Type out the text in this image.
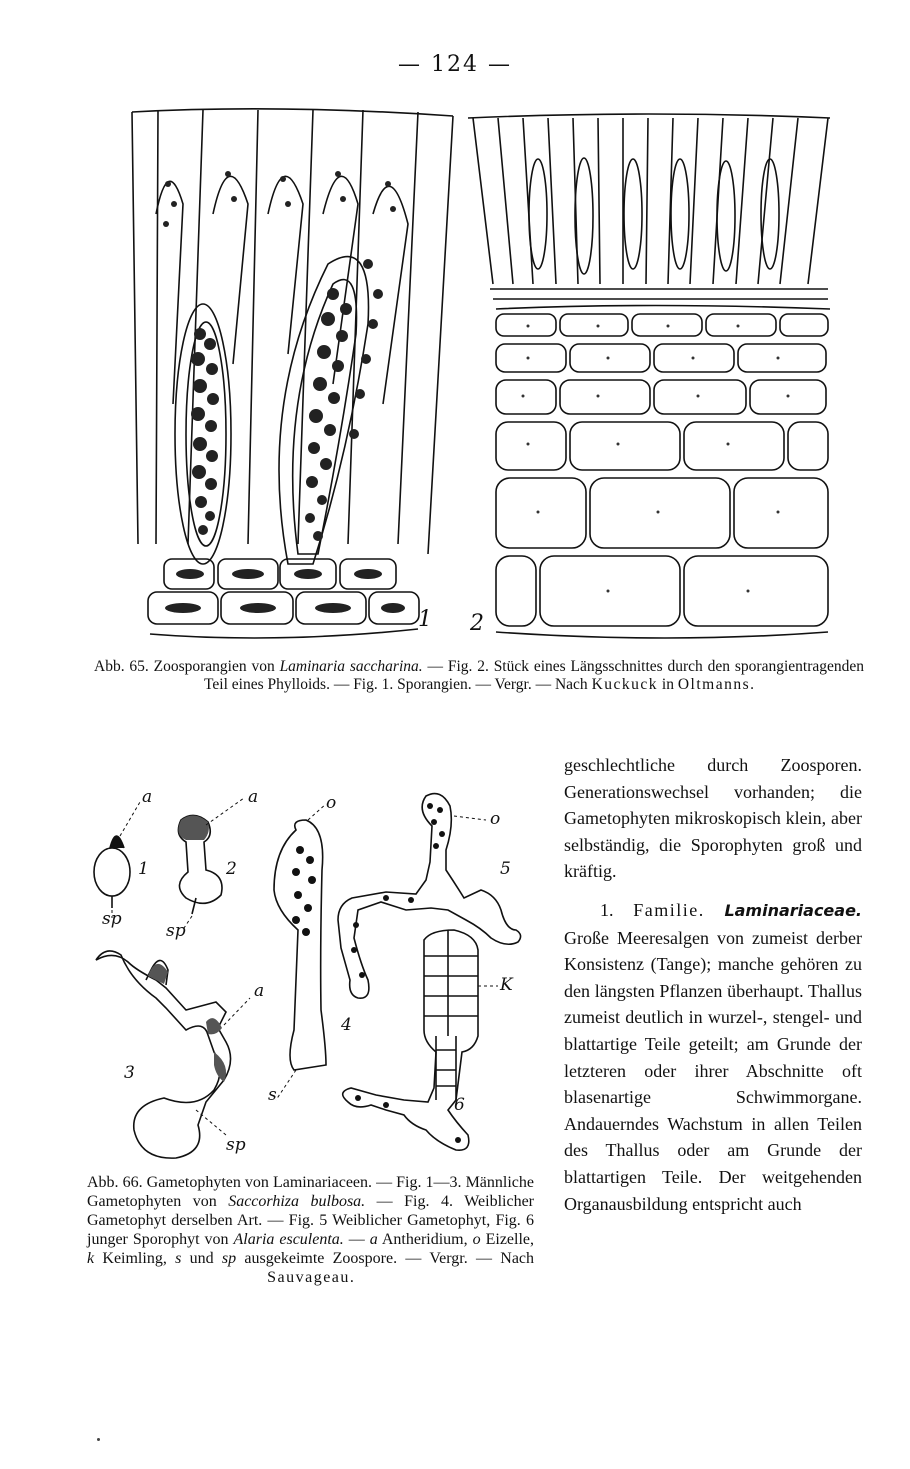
— 124 —
1 2
Abb. 65. Zoosporangien von Laminaria saccharina. — Fig. 2. Stück eines Längsschnittes durch den sporangientragenden Teil eines Phylloids. — Fig. 1. Sporangien. — Vergr. — Nach Kuckuck in Oltmanns.
a
1
sp
a
2
sp
a
3
sp
o
4
s
o
5
K
6
Abb. 66. Gametophyten von Laminariaceen. — Fig. 1—3. Männliche Gametophyten von Saccorhiza bulbosa. — Fig. 4. Weiblicher Gametophyt derselben Art. — Fig. 5 Weiblicher Gametophyt, Fig. 6 junger Sporophyt von Alaria esculenta. — a Antheridium, o Eizelle, k Keimling, s und sp ausgekeimte Zoospore. — Vergr. — Nach Sauvageau.

geschlechtliche durch Zoosporen. Generationswechsel vorhanden; die Gametophyten mikroskopisch klein, aber selbständig, die Sporophyten groß und kräftig.

1. Familie. Laminariaceae. Große Meeresalgen von zumeist derber Konsistenz (Tange); manche gehören zu den längsten Pflanzen überhaupt. Thallus zumeist deutlich in wurzel-, stengel- und blattartige Teile geteilt; am Grunde der letzteren oder ihrer Abschnitte oft blasenartige Schwimmorgane. Andauerndes Wachstum in allen Teilen des Thallus oder am Grunde der blattartigen Teile. Der weitgehenden Organausbildung entspricht auch
